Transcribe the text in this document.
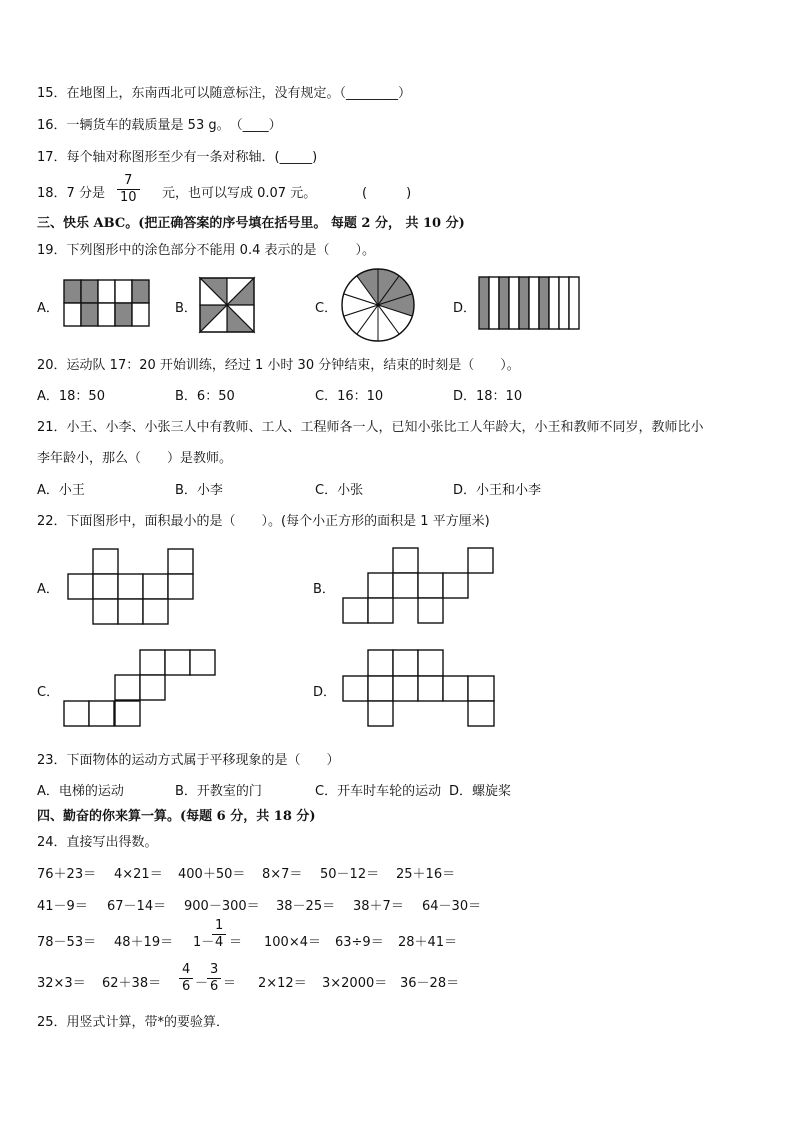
15．在地图上，东南西北可以随意标注，没有规定。（________）
16．一辆货车的载质量是 53 g。　（____）
17．每个轴对称图形至少有一条对称轴．(_____)
18．7 分是 $\frac{7}{10}$ 元，也可以写成 0.07 元。	(　　　)
三、快乐 ABC。(把正确答案的序号填在括号里。 每题 2 分， 共 10 分)
19．下列图形中的涂色部分不能用 0.4 表示的是（　　）。
A．	B．	C．	D．
20．运动队 17：20 开始训练，经过 1 小时 30 分钟结束，结束的时刻是（　　）。
A．18：50	B．6：50	C．16：10	D．18：10
21．小王、小李、小张三人中有教师、工人、工程师各一人，已知小张比工人年龄大，小王和教师不同岁，教师比小
李年龄小，那么（　　）是教师。
A．小王	B．小李	C．小张	D．小王和小李
22．下面图形中，面积最小的是（　　）。(每个小正方形的面积是 1 平方厘米)
A．	B．
C．	D．
23．下面物体的运动方式属于平移现象的是（　　）
A．电梯的运动	B．开教室的门	C．开车时车轮的运动 D．螺旋桨
四、勤奋的你来算一算。(每题 6 分，共 18 分)
24．直接写出得数。
76＋23＝ 4×21＝ 400＋50＝ 8×7＝ 50－12＝ 25＋16＝
41－9＝ 67－14＝ 900－300＝ 38－25＝ 38＋7＝ 64－30＝
78－53＝ 48＋19＝ 1－
$\frac{1}{4} = 100\times 4= 63\div 9= 28+41=$
$32\times 3= 62+38= \frac{4}{6}$ －
$\frac{3}{6} = 2\times 12= 3\times 2000= 36-28=$
25．用竖式计算，带*的要验算．
